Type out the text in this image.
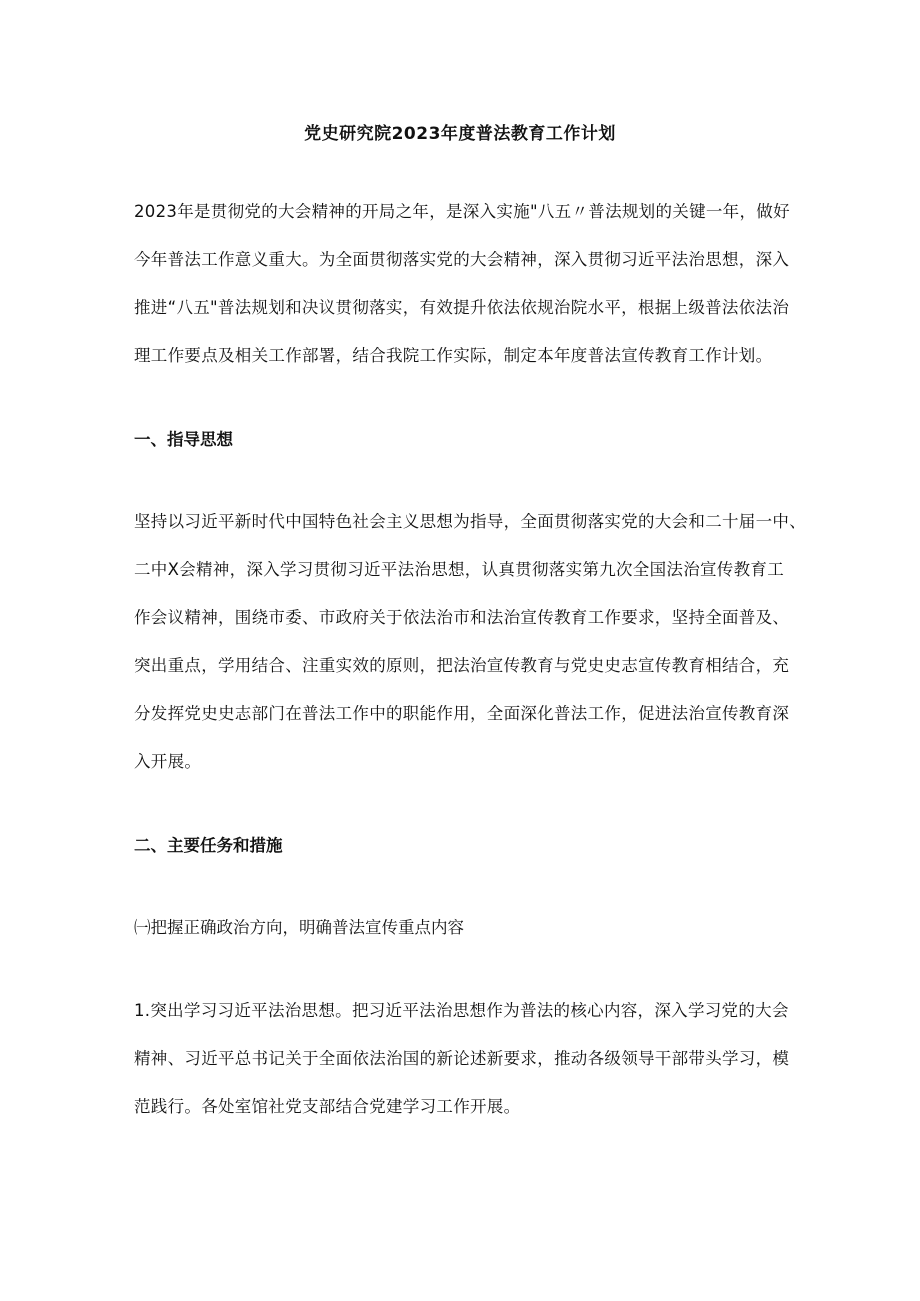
党史研究院2023年度普法教育工作计划

2023年是贯彻党的大会精神的开局之年，是深入实施"八五〃普法规划的关键一年，做好
今年普法工作意义重大。为全面贯彻落实党的大会精神，深入贯彻习近平法治思想，深入
推进“八五"普法规划和决议贯彻落实，有效提升依法依规治院水平，根据上级普法依法治
理工作要点及相关工作部署，结合我院工作实际，制定本年度普法宣传教育工作计划。

一、指导思想

坚持以习近平新时代中国特色社会主义思想为指导，全面贯彻落实党的大会和二十届一中、
二中X会精神，深入学习贯彻习近平法治思想，认真贯彻落实第九次全国法治宣传教育工
作会议精神，围绕市委、市政府关于依法治市和法治宣传教育工作要求，坚持全面普及、
突出重点，学用结合、注重实效的原则，把法治宣传教育与党史史志宣传教育相结合，充
分发挥党史史志部门在普法工作中的职能作用，全面深化普法工作，促进法治宣传教育深
入开展。

二、主要任务和措施

㈠把握正确政治方向，明确普法宣传重点内容

1.突出学习习近平法治思想。把习近平法治思想作为普法的核心内容，深入学习党的大会
精神、习近平总书记关于全面依法治国的新论述新要求，推动各级领导干部带头学习，模
范践行。各处室馆社党支部结合党建学习工作开展。
